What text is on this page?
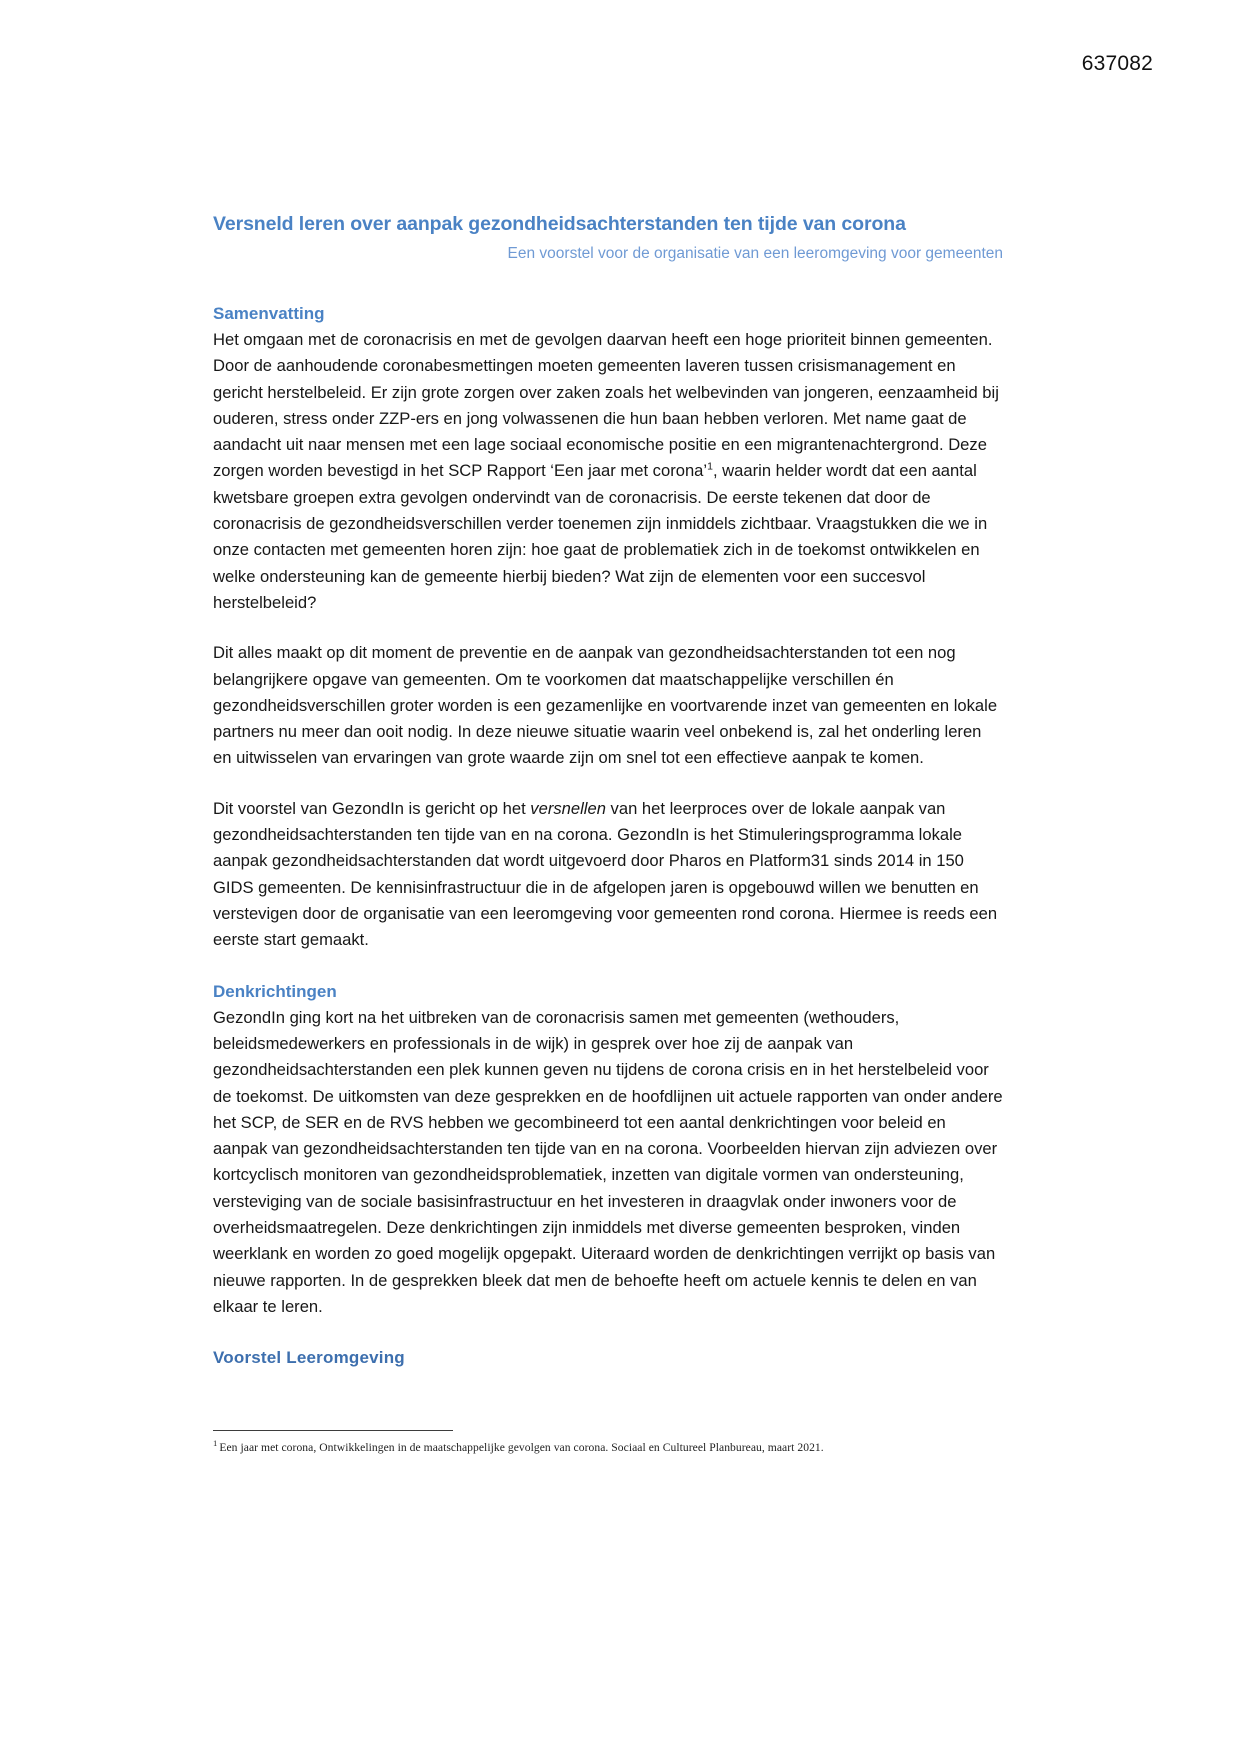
637082
Versneld leren over aanpak gezondheidsachterstanden ten tijde van corona
Een voorstel voor de organisatie van een leeromgeving voor gemeenten
Samenvatting

Het omgaan met de coronacrisis en met de gevolgen daarvan heeft een hoge prioriteit binnen gemeenten. Door de aanhoudende coronabesmettingen moeten gemeenten laveren tussen crisismanagement en gericht herstelbeleid. Er zijn grote zorgen over zaken zoals het welbevinden van jongeren, eenzaamheid bij ouderen, stress onder ZZP-ers en jong volwassenen die hun baan hebben verloren. Met name gaat de aandacht uit naar mensen met een lage sociaal economische positie en een migrantenachtergrond. Deze zorgen worden bevestigd in het SCP Rapport ‘Een jaar met corona’$^1$, waarin helder wordt dat een aantal kwetsbare groepen extra gevolgen ondervindt van de coronacrisis. De eerste tekenen dat door de coronacrisis de gezondheidsverschillen verder toenemen zijn inmiddels zichtbaar. Vraagstukken die we in onze contacten met gemeenten horen zijn: hoe gaat de problematiek zich in de toekomst ontwikkelen en welke ondersteuning kan de gemeente hierbij bieden? Wat zijn de elementen voor een succesvol herstelbeleid?

Dit alles maakt op dit moment de preventie en de aanpak van gezondheidsachterstanden tot een nog belangrijkere opgave van gemeenten. Om te voorkomen dat maatschappelijke verschillen én gezondheidsverschillen groter worden is een gezamenlijke en voortvarende inzet van gemeenten en lokale partners nu meer dan ooit nodig. In deze nieuwe situatie waarin veel onbekend is, zal het onderling leren en uitwisselen van ervaringen van grote waarde zijn om snel tot een effectieve aanpak te komen.

Dit voorstel van GezondIn is gericht op het versnellen van het leerproces over de lokale aanpak van gezondheidsachterstanden ten tijde van en na corona. GezondIn is het Stimuleringsprogramma lokale aanpak gezondheidsachterstanden dat wordt uitgevoerd door Pharos en Platform31 sinds 2014 in 150 GIDS gemeenten. De kennisinfrastructuur die in de afgelopen jaren is opgebouwd willen we benutten en verstevigen door de organisatie van een leeromgeving voor gemeenten rond corona. Hiermee is reeds een eerste start gemaakt.

Denkrichtingen

GezondIn ging kort na het uitbreken van de coronacrisis samen met gemeenten (wethouders, beleidsmedewerkers en professionals in de wijk) in gesprek over hoe zij de aanpak van gezondheidsachterstanden een plek kunnen geven nu tijdens de corona crisis en in het herstelbeleid voor de toekomst. De uitkomsten van deze gesprekken en de hoofdlijnen uit actuele rapporten van onder andere het SCP, de SER en de RVS hebben we gecombineerd tot een aantal denkrichtingen voor beleid en aanpak van gezondheidsachterstanden ten tijde van en na corona. Voorbeelden hiervan zijn adviezen over kortcyclisch monitoren van gezondheidsproblematiek, inzetten van digitale vormen van ondersteuning, versteviging van de sociale basisinfrastructuur en het investeren in draagvlak onder inwoners voor de overheidsmaatregelen. Deze denkrichtingen zijn inmiddels met diverse gemeenten besproken, vinden weerklank en worden zo goed mogelijk opgepakt. Uiteraard worden de denkrichtingen verrijkt op basis van nieuwe rapporten. In de gesprekken bleek dat men de behoefte heeft om actuele kennis te delen en van elkaar te leren.

Voorstel Leeromgeving
$^1$ Een jaar met corona, Ontwikkelingen in de maatschappelijke gevolgen van corona. Sociaal en Cultureel Planbureau, maart 2021.
